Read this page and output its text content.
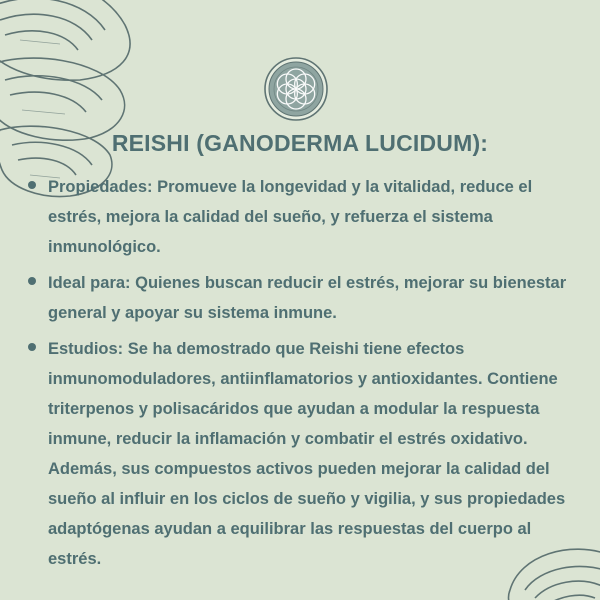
REISHI (GANODERMA LUCIDUM):

Propiedades: Promueve la longevidad y la vitalidad, reduce el estrés, mejora la calidad del sueño, y refuerza el sistema inmunológico.

Ideal para: Quienes buscan reducir el estrés, mejorar su bienestar general y apoyar su sistema inmune.

Estudios: Se ha demostrado que Reishi tiene efectos inmunomoduladores, antiinflamatorios y antioxidantes. Contiene triterpenos y polisacáridos que ayudan a modular la respuesta inmune, reducir la inflamación y combatir el estrés oxidativo. Además, sus compuestos activos pueden mejorar la calidad del sueño al influir en los ciclos de sueño y vigilia, y sus propiedades adaptógenas ayudan a equilibrar las respuestas del cuerpo al estrés.
